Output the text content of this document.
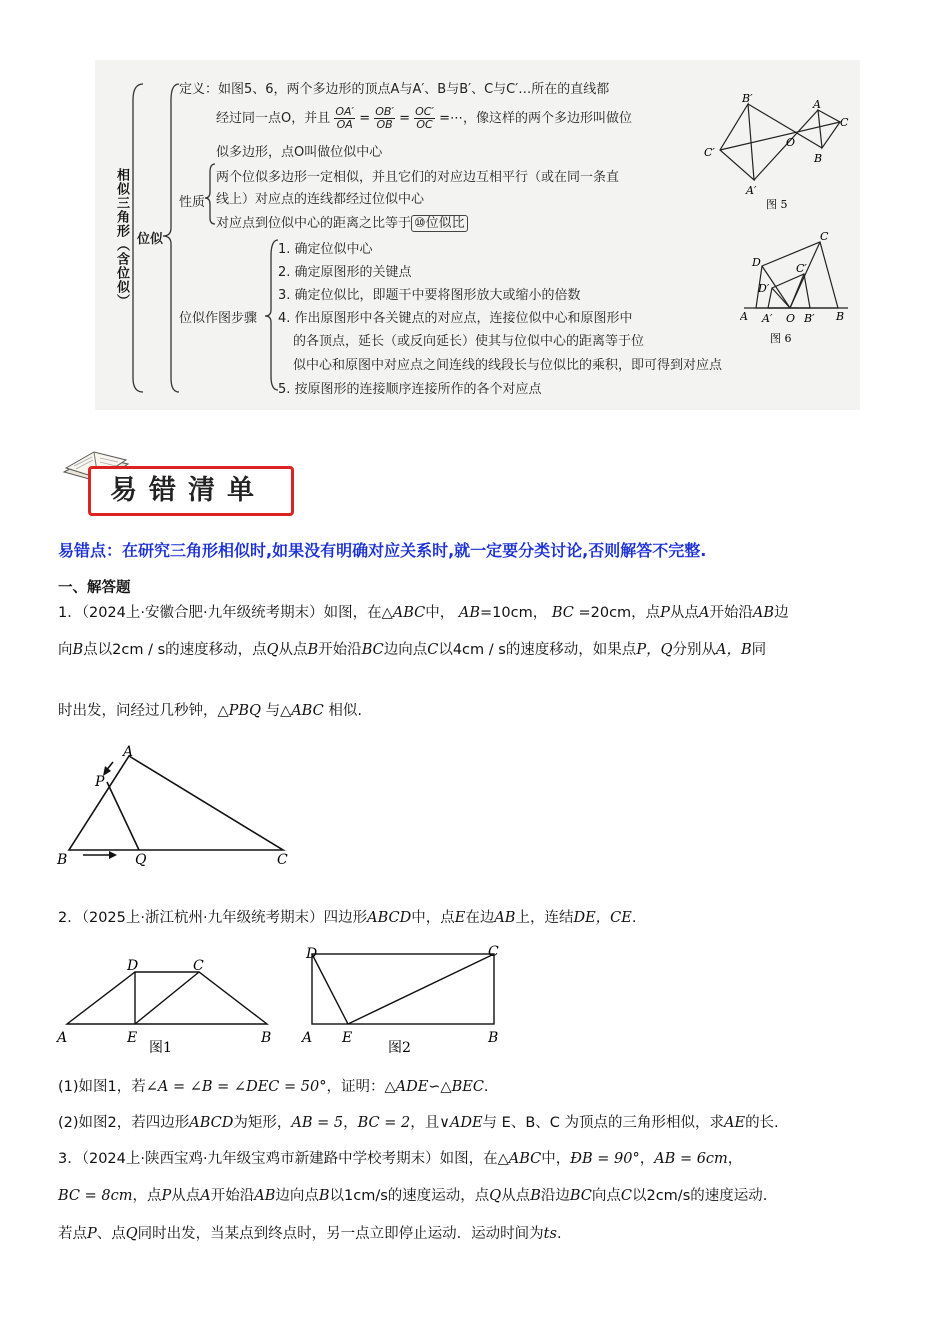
相似三角形（含位似） 位似
定义：如图5、6，两个多边形的顶点A与A′、B与B′、C与C′…所在的直线都
经过同一点O，并且 $\frac{OA'}{OA} = \frac{OB'}{OB} = \frac{OC'}{OC}$ =⋯，像这样的两个多边形叫做位
似多边形，点O叫做位似中心
性质
两个位似多边形一定相似，并且它们的对应边互相平行（或在同一条直
线上）对应点的连线都经过位似中心
对应点到位似中心的距离之比等于 ⑩位似比
位似作图步骤
1. 确定位似中心
2. 确定原图形的关键点
3. 确定位似比，即题干中要将图形放大或缩小的倍数
4. 作出原图形中各关键点的对应点，连接位似中心和原图形中
的各顶点，延长（或反向延长）使其与位似中心的距离等于位
似中心和原图中对应点之间连线的线段长与位似比的乘积，即可得到对应点
5. 按原图形的连接顺序连接所作的各个对应点
B′	A
C
C′
O
B
A′
图 5
C
D	C′
D′
A A′ O B′ B
图 6
易错清单
易错点：在研究三角形相似时,如果没有明确对应关系时,就一定要分类讨论,否则解答不完整.
一、解答题
1．（2024上·安徽合肥·九年级统考期末）如图，在△ABC中， AB=10cm， BC =20cm，点P从点A开始沿AB边
向B点以2cm / s的速度移动，点Q从点B开始沿BC边向点C以4cm / s的速度移动，如果点P，Q分别从A，B同
时出发，问经过几秒钟，△PBQ 与△ABC 相似.
A
P
B	Q	C
2．（2025上·浙江杭州·九年级统考期末）四边形ABCD中，点E在边AB上，连结DE，CE.
A
D	C
E	B
图1
D	C
A E	B
图2
(1)如图1，若∠A = ∠B = ∠DEC = 50°，证明：△ADE∽△BEC.
(2)如图2，若四边形ABCD为矩形，AB = 5，BC = 2，且∨ADE与 E、B、C 为顶点的三角形相似，求AE的长.
3．（2024上·陕西宝鸡·九年级宝鸡市新建路中学校考期末）如图，在△ABC中，ÐB = 90°，AB = 6cm，
BC = 8cm，点P从点A开始沿AB边向点B以1cm/s的速度运动，点Q从点B沿边BC向点C以2cm/s的速度运动.
若点P、点Q同时出发，当某点到终点时，另一点立即停止运动．运动时间为ts.
